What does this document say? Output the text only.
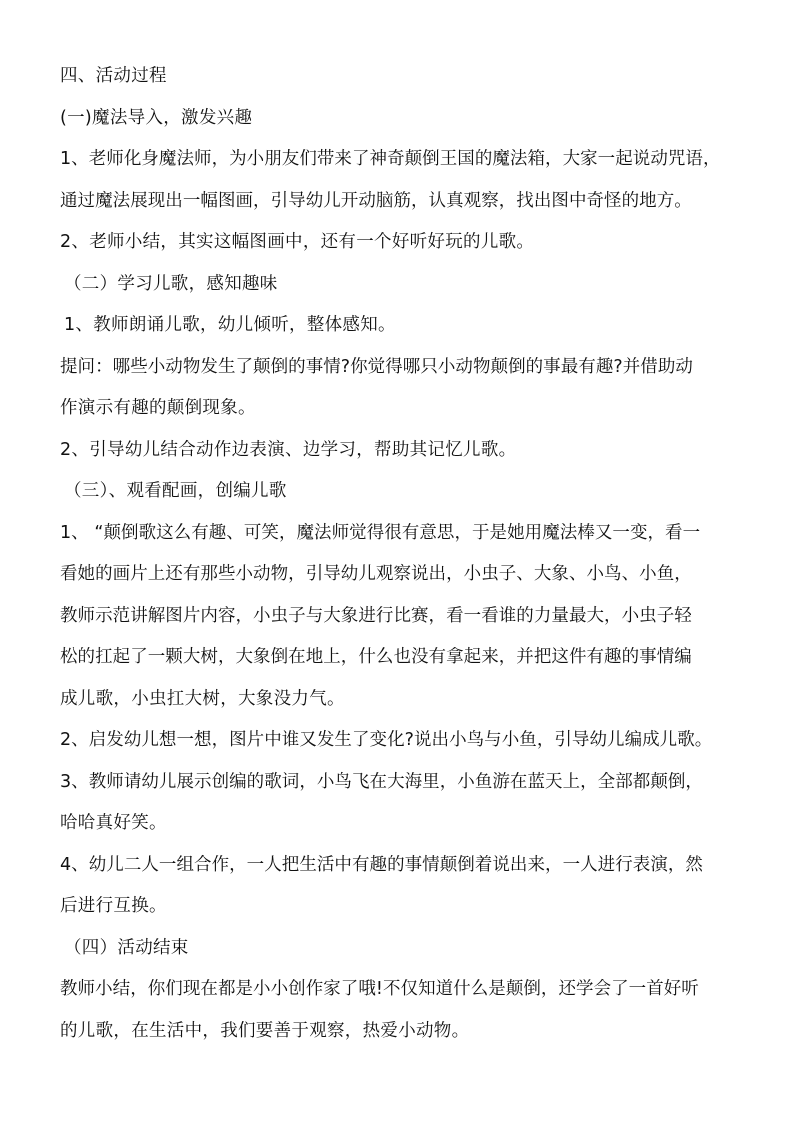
四、活动过程
(一)魔法导入，激发兴趣
1、老师化身魔法师，为小朋友们带来了神奇颠倒王国的魔法箱，大家一起说动咒语，
通过魔法展现出一幅图画，引导幼儿开动脑筋，认真观察，找出图中奇怪的地方。
2、老师小结，其实这幅图画中，还有一个好听好玩的儿歌。
（二）学习儿歌，感知趣味
1、教师朗诵儿歌，幼儿倾听，整体感知。
提问：哪些小动物发生了颠倒的事情?你觉得哪只小动物颠倒的事最有趣?并借助动
作演示有趣的颠倒现象。
2、引导幼儿结合动作边表演、边学习，帮助其记忆儿歌。
（三）、观看配画，创编儿歌
1、 “颠倒歌这么有趣、可笑，魔法师觉得很有意思，于是她用魔法棒又一变，看一
看她的画片上还有那些小动物，引导幼儿观察说出，小虫子、大象、小鸟、小鱼，
教师示范讲解图片内容，小虫子与大象进行比赛，看一看谁的力量最大，小虫子轻
松的扛起了一颗大树，大象倒在地上，什么也没有拿起来，并把这件有趣的事情编
成儿歌，小虫扛大树，大象没力气。
2、启发幼儿想一想，图片中谁又发生了变化?说出小鸟与小鱼，引导幼儿编成儿歌。
3、教师请幼儿展示创编的歌词，小鸟飞在大海里，小鱼游在蓝天上，全部都颠倒，
哈哈真好笑。
4、幼儿二人一组合作，一人把生活中有趣的事情颠倒着说出来，一人进行表演，然
后进行互换。
（四）活动结束
教师小结，你们现在都是小小创作家了哦!不仅知道什么是颠倒，还学会了一首好听
的儿歌，在生活中，我们要善于观察，热爱小动物。
